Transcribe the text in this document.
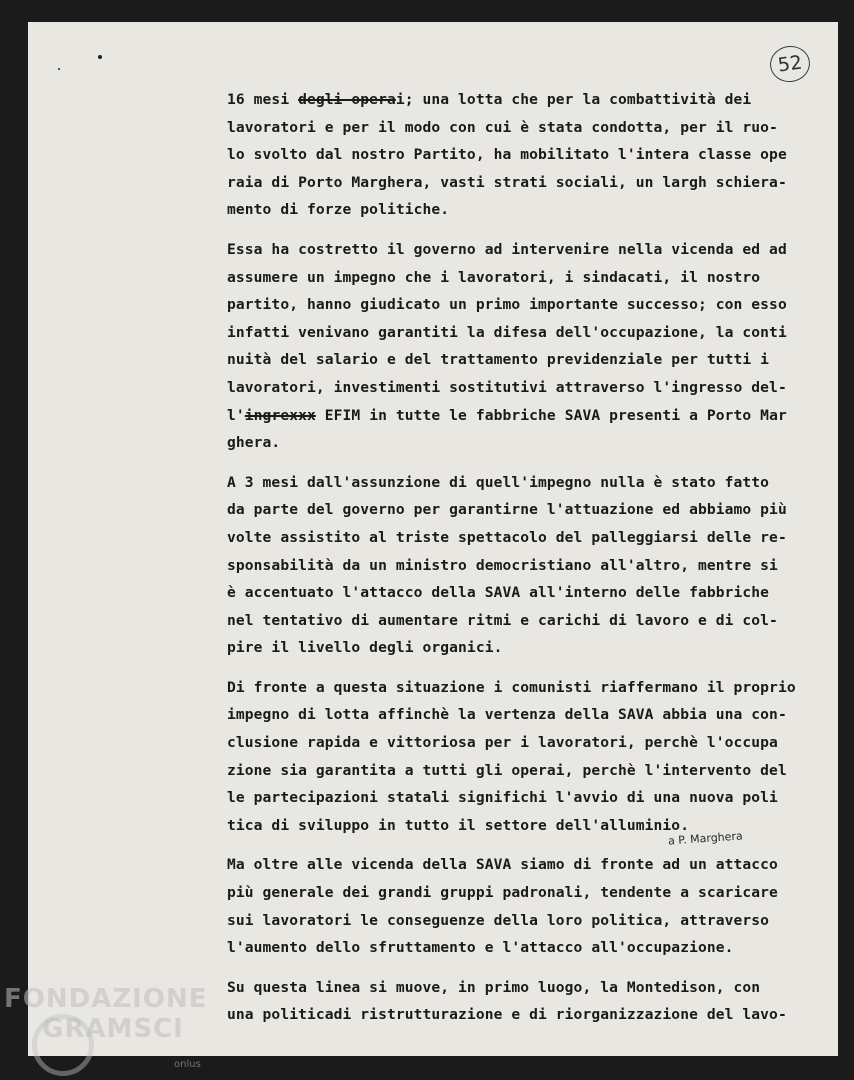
52
16 mesi degli operai; una lotta che per la combattività dei
lavoratori e per il modo con cui è stata condotta, per il ruo-
lo svolto dal nostro Partito, ha mobilitato l'intera classe ope
raia di Porto Marghera, vasti strati sociali, un largh schiera-
mento di forze politiche.
Essa ha costretto il governo ad intervenire nella vicenda ed ad
assumere un impegno che i lavoratori, i sindacati, il nostro
partito, hanno giudicato un primo importante successo; con esso
infatti venivano garantiti la difesa dell'occupazione, la conti
nuità del salario e del trattamento previdenziale per tutti i
lavoratori, investimenti sostitutivi attraverso l'ingresso del-
l'ingrexxx EFIM in tutte le fabbriche SAVA presenti a Porto Mar
ghera.
A 3 mesi dall'assunzione di quell'impegno nulla è stato fatto
da parte del governo per garantirne l'attuazione ed abbiamo più
volte assistito al triste spettacolo del palleggiarsi delle re-
sponsabilità da un ministro democristiano all'altro, mentre si
è accentuato l'attacco della SAVA all'interno delle fabbriche
nel tentativo di aumentare ritmi e carichi di lavoro e di col-
pire il livello degli organici.
Di fronte a questa situazione i comunisti riaffermano il proprio
impegno di lotta affinchè la vertenza della SAVA abbia una con-
clusione rapida e vittoriosa per i lavoratori, perchè l'occupa
zione sia garantita a tutti gli operai, perchè l'intervento del
le partecipazioni statali significhi l'avvio di una nuova poli
tica di sviluppo in tutto il settore dell'alluminio.
Ma oltre alle vicenda della SAVA siamo di fronte ad un attacco
più generale dei grandi gruppi padronali, tendente a scaricare
sui lavoratori le conseguenze della loro politica, attraverso
l'aumento dello sfruttamento e l'attacco all'occupazione.
Su questa linea si muove, in primo luogo, la Montedison, con
una politicadi ristrutturazione e di riorganizzazione del lavo-
a P. Marghera
FONDAZIONE
GRAMSCI
onlus
